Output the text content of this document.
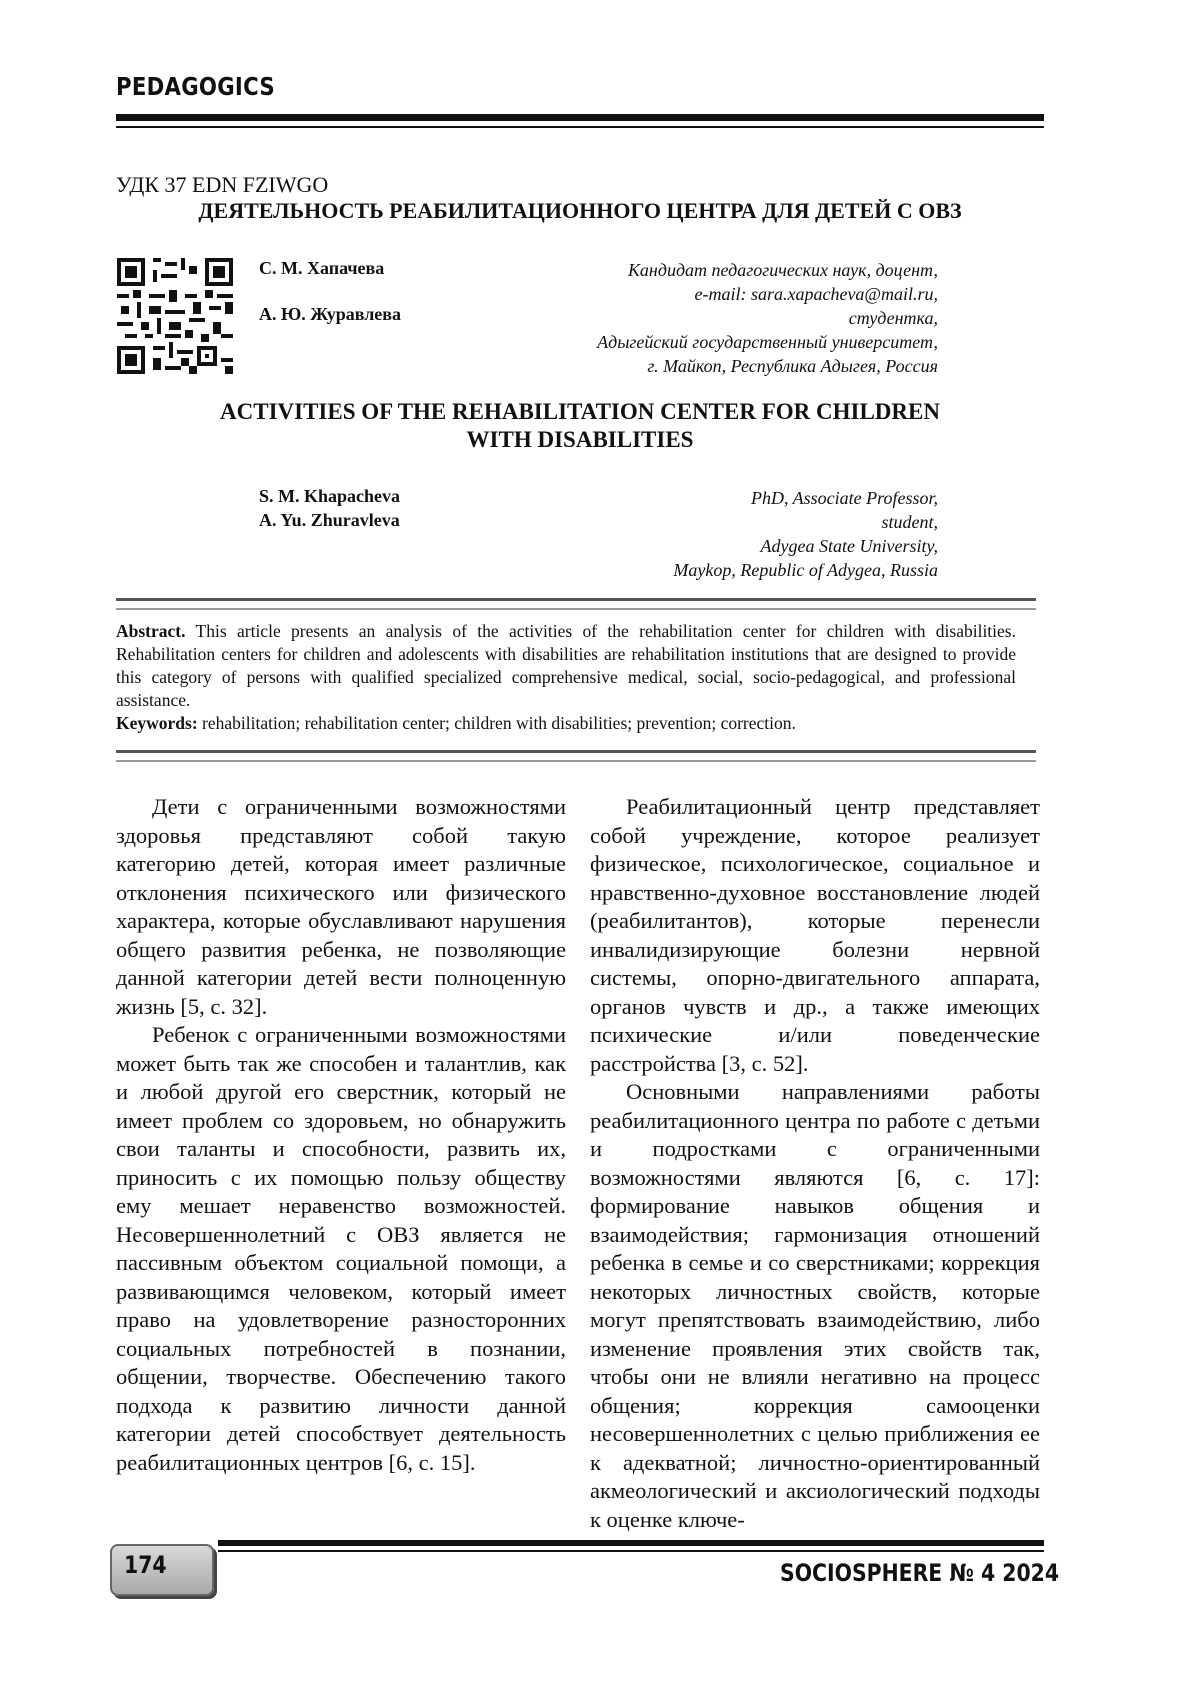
PEDAGOGICS
УДК 37 EDN FZIWGO
ДЕЯТЕЛЬНОСТЬ РЕАБИЛИТАЦИОННОГО ЦЕНТРА ДЛЯ ДЕТЕЙ С ОВЗ
С. М. Хапачева
А. Ю. Журавлева
Кандидат педагогических наук, доцент,
e-mail: sara.xapacheva@mail.ru,
студентка,
Адыгейский государственный университет,
г. Майкоп, Республика Адыгея, Россия
ACTIVITIES OF THE REHABILITATION CENTER FOR CHILDREN
WITH DISABILITIES
S. M. Khapacheva
A. Yu. Zhuravleva
PhD, Associate Professor,
student,
Adygea State University,
Maykop, Republic of Adygea, Russia
Abstract. This article presents an analysis of the activities of the rehabilitation center for children with disabilities. Rehabilitation centers for children and adolescents with disabilities are rehabilitation institutions that are designed to provide this category of persons with qualified specialized comprehensive medical, social, socio-pedagogical, and professional assistance.
Keywords: rehabilitation; rehabilitation center; children with disabilities; prevention; correction.

Дети с ограниченными возможностями здоровья представляют собой такую категорию детей, которая имеет различные отклонения психического или физического характера, которые обуславливают нарушения общего развития ребенка, не позволяющие данной категории детей вести полноценную жизнь [5, с. 32].

Ребенок с ограниченными возможностями может быть так же способен и талантлив, как и любой другой его сверстник, который не имеет проблем со здоровьем, но обнаружить свои таланты и способности, развить их, приносить с их помощью пользу обществу ему мешает неравенство возможностей. Несовершеннолетний с ОВЗ является не пассивным объектом социальной помощи, а развивающимся человеком, который имеет право на удовлетворение разносторонних социальных потребностей в познании, общении, творчестве. Обеспечению такого подхода к развитию личности данной категории детей способствует деятельность реабилитационных центров [6, с. 15].

Реабилитационный центр представляет собой учреждение, которое реализует физическое, психологическое, социальное и нравственно-духовное восстановление людей (реабилитантов), которые перенесли инвалидизирующие болезни нервной системы, опорно-двигательного аппарата, органов чувств и др., а также имеющих психические и/или поведенческие расстройства [3, с. 52].

Основными направлениями работы реабилитационного центра по работе с детьми и подростками с ограниченными возможностями являются [6, с. 17]: формирование навыков общения и взаимодействия; гармонизация отношений ребенка в семье и со сверстниками; коррекция некоторых личностных свойств, которые могут препятствовать взаимодействию, либо изменение проявления этих свойств так, чтобы они не влияли негативно на процесс общения; коррекция самооценки несовершеннолетних с целью приближения ее к адекватной; личностно-ориентированный акмеологический и аксиологический подходы к оценке ключе-

174	SOCIOSPHERE № 4 2024
